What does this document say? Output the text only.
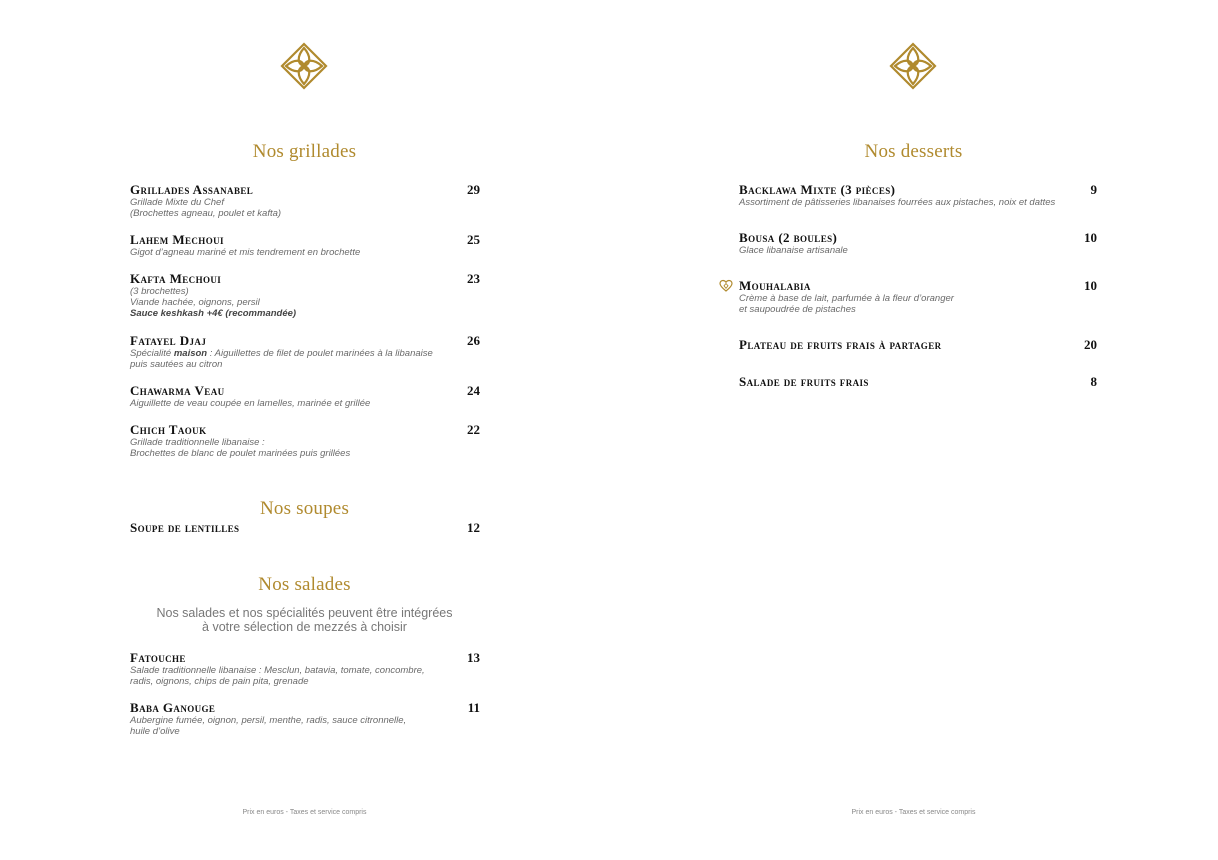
Nos grillades
Grillades Assanabel	29
Grillade Mixte du Chef
(Brochettes agneau, poulet et kafta)
Lahem Mechoui	25
Gigot d’agneau mariné et mis tendrement en brochette
Kafta Mechoui	23
(3 brochettes)
Viande hachée, oignons, persil
Sauce keshkash +4€ (recommandée)
Fatayel Djaj	26
Spécialité maison : Aiguillettes de filet de poulet marinées à la libanaise
puis sautées au citron
Chawarma Veau	24
Aiguillette de veau coupée en lamelles, marinée et grillée
Chich Taouk	22
Grillade traditionnelle libanaise :
Brochettes de blanc de poulet marinées puis grillées
Nos soupes
Soupe de lentilles	12
Nos salades
Nos salades et nos spécialités peuvent être intégrées
à votre sélection de mezzés à choisir
Fatouche	13
Salade traditionnelle libanaise : Mesclun, batavia, tomate, concombre,
radis, oignons, chips de pain pita, grenade
Baba Ganouge	11
Aubergine fumée, oignon, persil, menthe, radis, sauce citronnelle,
huile d’olive
Prix en euros - Taxes et service compris
Nos desserts
Backlawa Mixte (3 pièces)	9
Assortiment de pâtisseries libanaises fourrées aux pistaches, noix et dattes
Bousa (2 boules)	10
Glace libanaise artisanale
Mouhalabia	10
Crème à base de lait, parfumée à la fleur d’oranger
et saupoudrée de pistaches
Plateau de fruits frais à partager	20
Salade de fruits frais	8
Prix en euros - Taxes et service compris
